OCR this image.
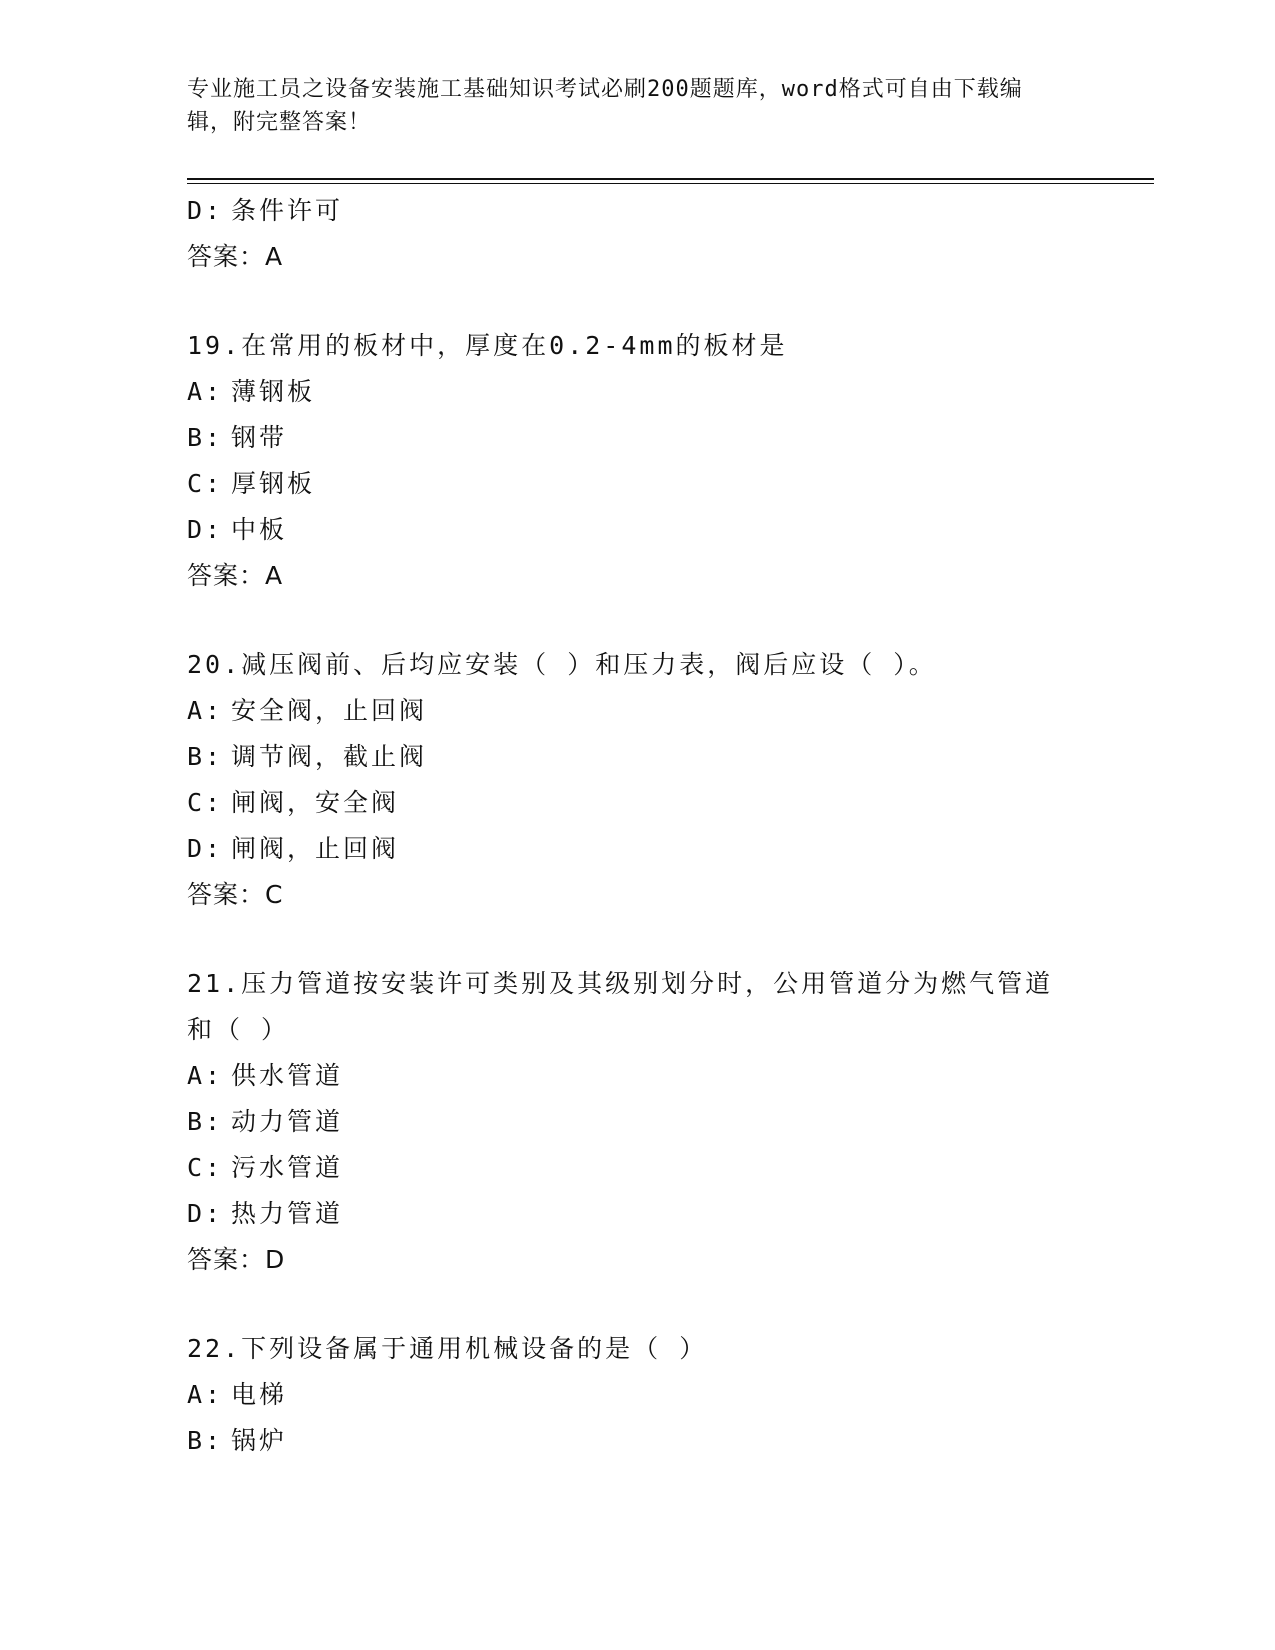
专业施工员之设备安装施工基础知识考试必刷200题题库，word格式可自由下载编辑，附完整答案！
D: 条件许可
答案：A
19.在常用的板材中，厚度在0.2-4mm的板材是
A: 薄钢板
B: 钢带
C: 厚钢板
D: 中板
答案：A
20.减压阀前、后均应安装（ ）和压力表，阀后应设（ ）。
A: 安全阀，止回阀
B: 调节阀，截止阀
C: 闸阀，安全阀
D: 闸阀，止回阀
答案：C
21.压力管道按安装许可类别及其级别划分时，公用管道分为燃气管道
和（ ）
A: 供水管道
B: 动力管道
C: 污水管道
D: 热力管道
答案：D
22.下列设备属于通用机械设备的是（ ）
A: 电梯
B: 锅炉
